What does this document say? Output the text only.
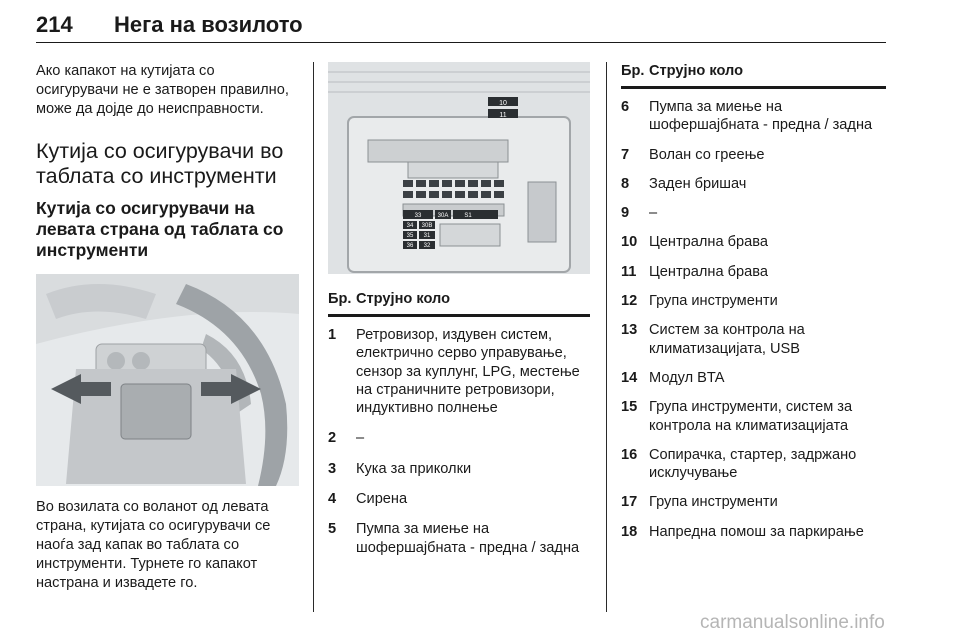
214 Нега на возилото

Ако капакот на кутијата со осигурувачи не е затворен правилно, може да дојде до неисправности.

Кутија со осигурувачи во таблата со инструменти
Кутија со осигурувачи на левата страна од таблата со инструменти

Во возилата со воланот од левата страна, кутијата со осигурувачи се наоѓа зад капак во таблата со инструменти. Турнете го капакот настрана и извадете го.

10
11
33	30A	S1
34 30B
35 31
36 32
Бр. Струјно коло
1	Ретровизор, издувен систем, електрично серво управување, сензор за куплунг, LPG, местење на страничните ретровизори, индуктивно полнење
2	–
3	Кука за приколки
4	Сирена
5	Пумпа за миење на шофершајбната - предна / задна
Бр. Струјно коло
6	Пумпа за миење на шофершајбната - предна / задна
7	Волан со греење
8	Заден бришач
9	–
10 Централна брава
11 Централна брава
12 Група инструменти
13 Систем за контрола на климатизацијата, USB
14 Модул BTA
15 Група инструменти, систем за контрола на климатизацијата
16 Сопирачка, стартер, задржано исклучување
17 Група инструменти
18 Напредна помош за паркирање
carmanualsonline.info
